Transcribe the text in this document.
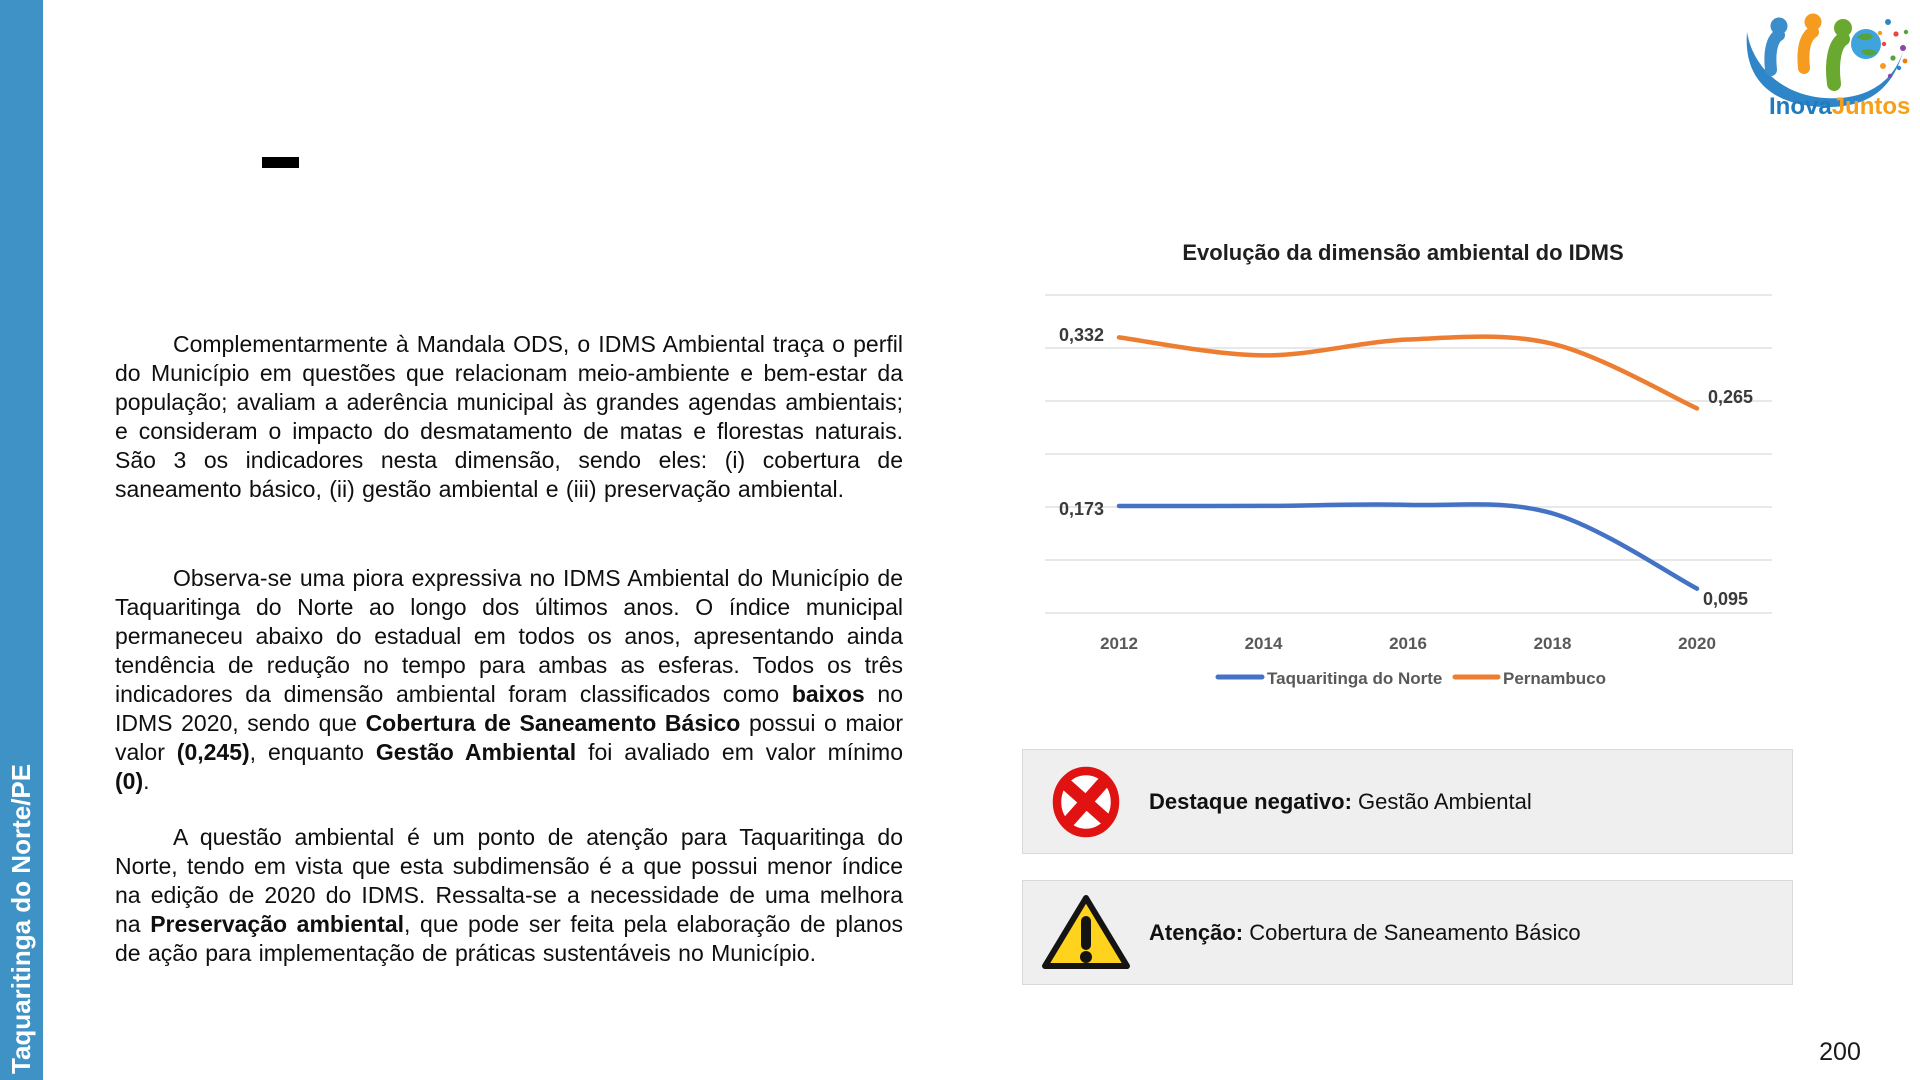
Taquaritinga do Norte/PE
InovaJuntos

Complementarmente à Mandala ODS, o IDMS Ambiental traça o perfil do Município em questões que relacionam meio-ambiente e bem-estar da população; avaliam a aderência municipal às grandes agendas ambientais; e consideram o impacto do desmatamento de matas e florestas naturais. São 3 os indicadores nesta dimensão, sendo eles: (i) cobertura de saneamento básico, (ii) gestão ambiental e (iii) preservação ambiental.

Observa-se uma piora expressiva no IDMS Ambiental do Município de Taquaritinga do Norte ao longo dos últimos anos. O índice municipal permaneceu abaixo do estadual em todos os anos, apresentando ainda tendência de redução no tempo para ambas as esferas. Todos os três indicadores da dimensão ambiental foram classificados como baixos no IDMS 2020, sendo que Cobertura de Saneamento Básico possui o maior valor (0,245), enquanto Gestão Ambiental foi avaliado em valor mínimo (0).

A questão ambiental é um ponto de atenção para Taquaritinga do Norte, tendo em vista que esta subdimensão é a que possui menor índice na edição de 2020 do IDMS. Ressalta-se a necessidade de uma melhora na Preservação ambiental, que pode ser feita pela elaboração de planos de ação para implementação de práticas sustentáveis no Município.

Evolução da dimensão ambiental do IDMS
0,332
0,173
0,265
0,095
2012	2014	2016	2018	2020
Taquaritinga do Norte	Pernambuco
Destaque negativo: Gestão Ambiental
Atenção: Cobertura de Saneamento Básico
200
